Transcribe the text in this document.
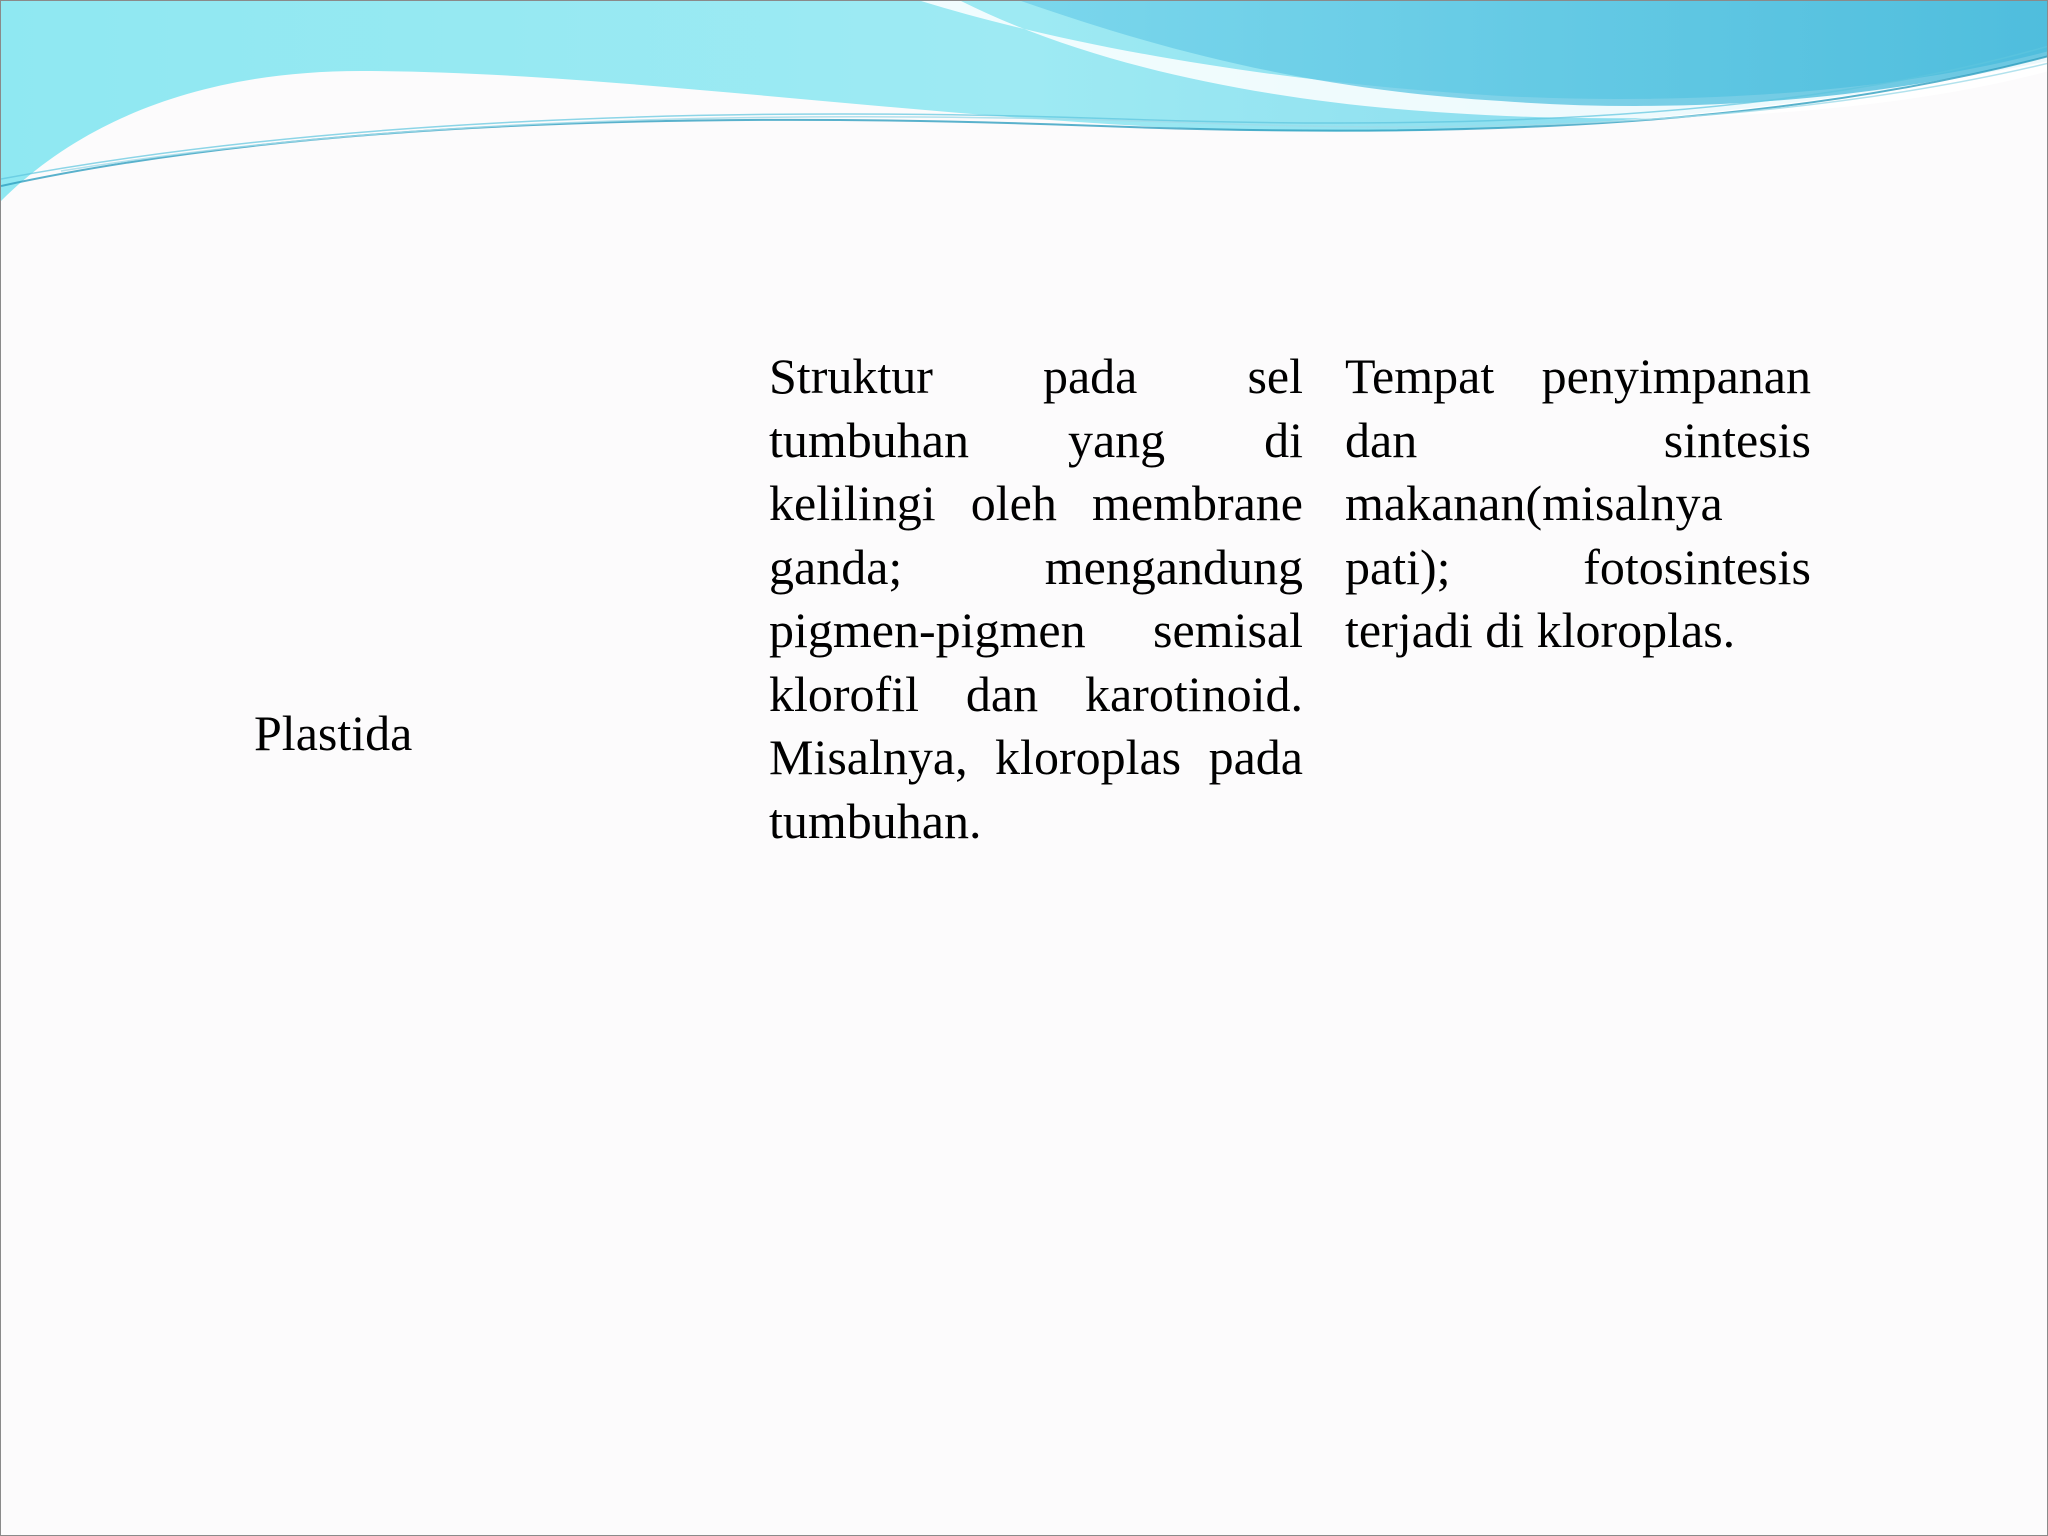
Plastida

Struktur pada sel tumbuhan yang di kelilingi oleh membrane ganda; mengandung pigmen-pigmen semisal klorofil dan karotinoid. Misalnya, kloroplas pada tumbuhan.

Tempat penyimpanan dan sintesis makanan(misalnya pati); fotosintesis terjadi di kloroplas.
